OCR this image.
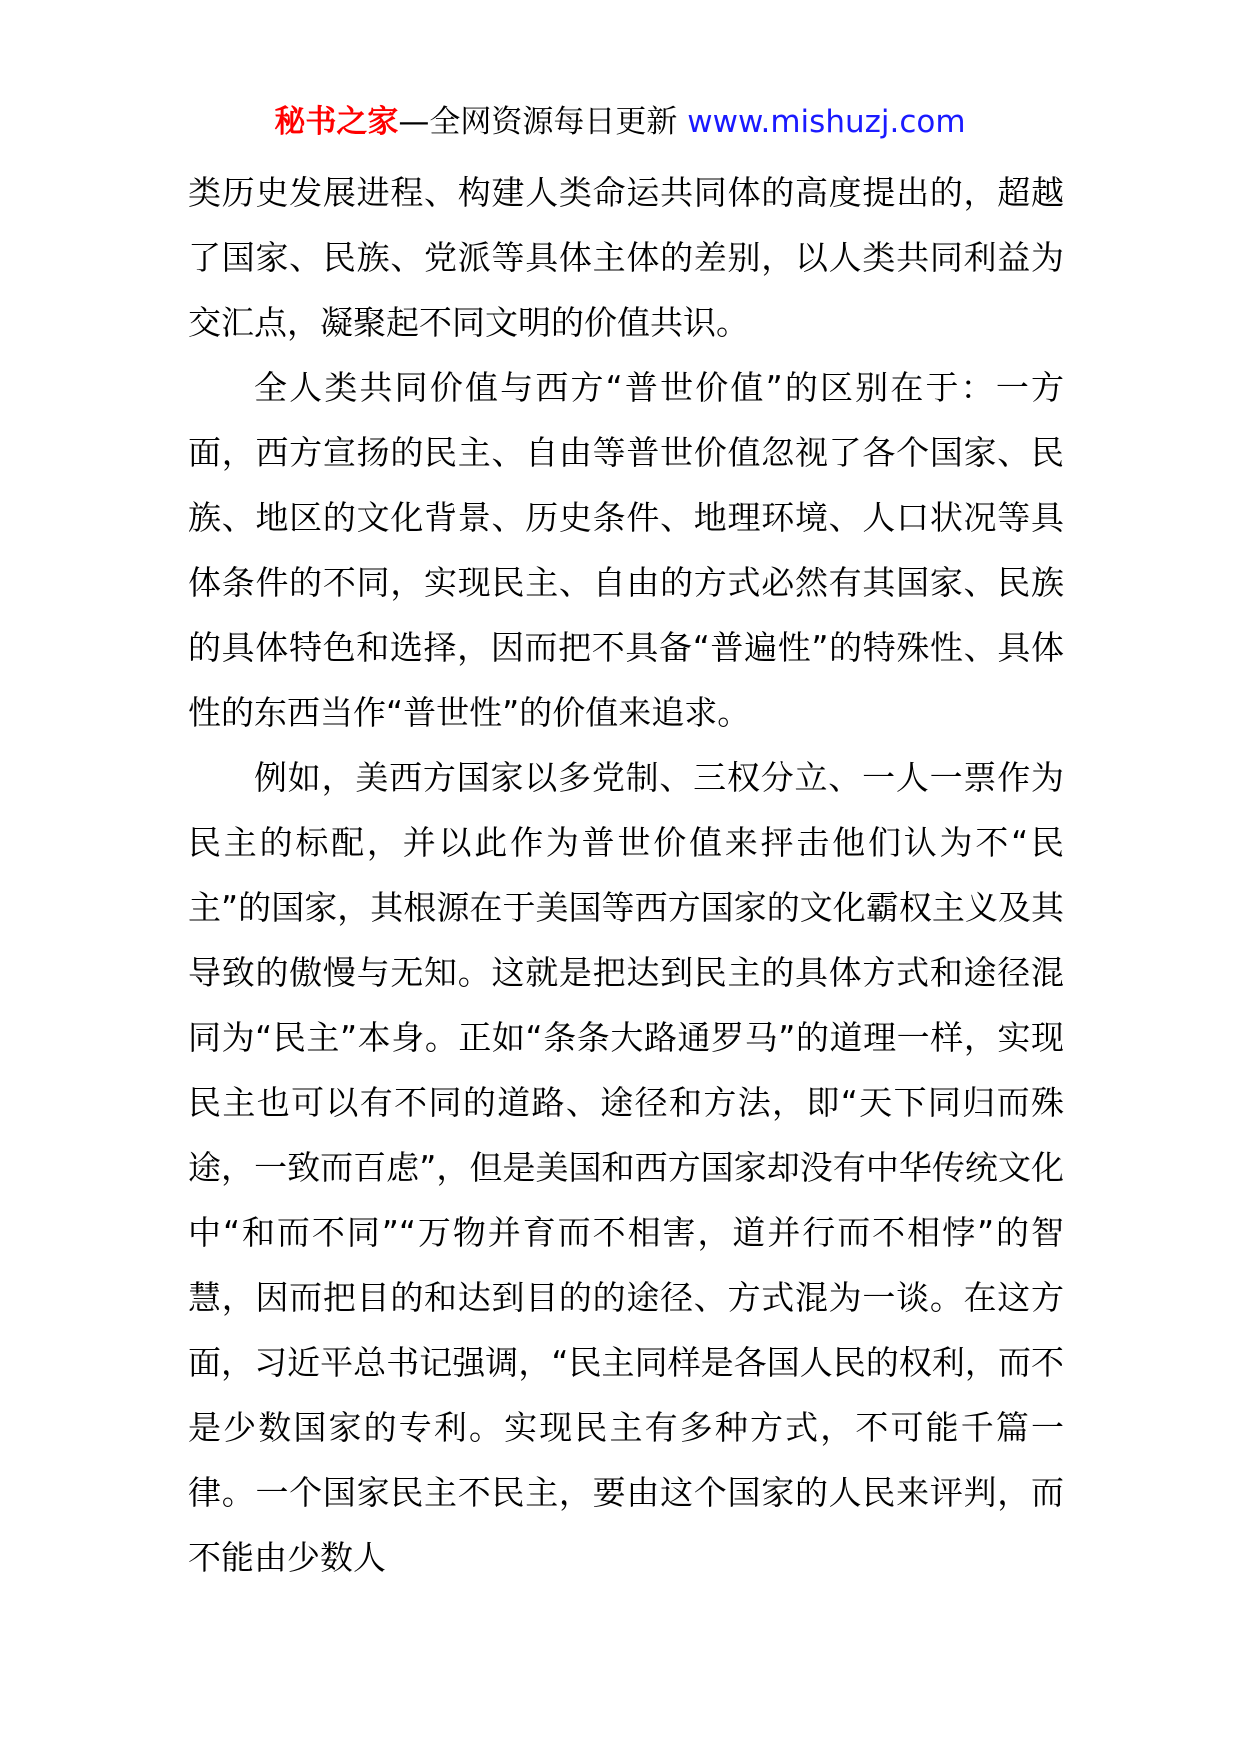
秘书之家—全网资源每日更新 www.mishuzj.com

类历史发展进程、构建人类命运共同体的高度提出的，超越了国家、民族、党派等具体主体的差别，以人类共同利益为交汇点，凝聚起不同文明的价值共识。

全人类共同价值与西方“普世价值”的区别在于：一方面，西方宣扬的民主、自由等普世价值忽视了各个国家、民族、地区的文化背景、历史条件、地理环境、人口状况等具体条件的不同，实现民主、自由的方式必然有其国家、民族的具体特色和选择，因而把不具备“普遍性”的特殊性、具体性的东西当作“普世性”的价值来追求。

例如，美西方国家以多党制、三权分立、一人一票作为民主的标配，并以此作为普世价值来抨击他们认为不“民主”的国家，其根源在于美国等西方国家的文化霸权主义及其导致的傲慢与无知。这就是把达到民主的具体方式和途径混同为“民主”本身。正如“条条大路通罗马”的道理一样，实现民主也可以有不同的道路、途径和方法，即“天下同归而殊途，一致而百虑”，但是美国和西方国家却没有中华传统文化中“和而不同”“万物并育而不相害，道并行而不相悖”的智慧，因而把目的和达到目的的途径、方式混为一谈。在这方面，习近平总书记强调，“民主同样是各国人民的权利，而不是少数国家的专利。实现民主有多种方式，不可能千篇一律。一个国家民主不民主，要由这个国家的人民来评判，而不能由少数人
